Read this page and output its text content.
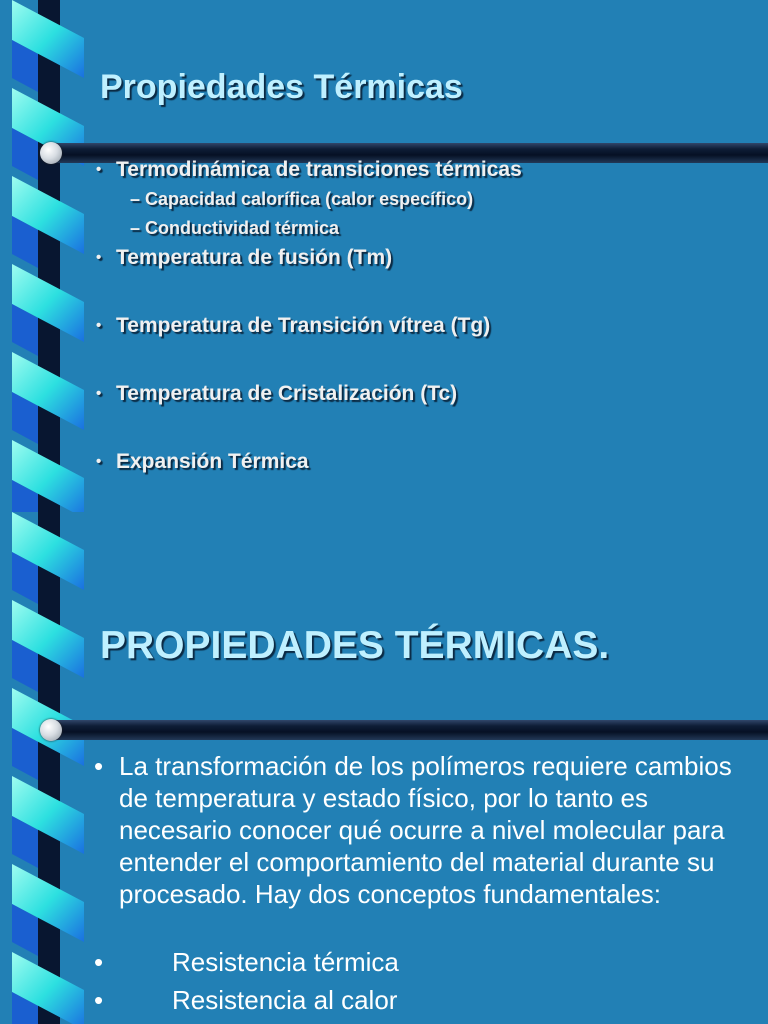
Propiedades Térmicas
• Termodinámica de transiciones térmicas
– Capacidad calorífica (calor específico)
– Conductividad térmica
• Temperatura de fusión (Tm)
• Temperatura de Transición vítrea (Tg)
• Temperatura de Cristalización (Tc)
• Expansión Térmica
PROPIEDADES TÉRMICAS.
• La transformación de los polímeros requiere cambios de temperatura y estado físico, por lo tanto es necesario conocer qué ocurre a nivel molecular para entender el comportamiento del material durante su procesado. Hay dos conceptos fundamentales:
•	Resistencia térmica
•	Resistencia al calor
